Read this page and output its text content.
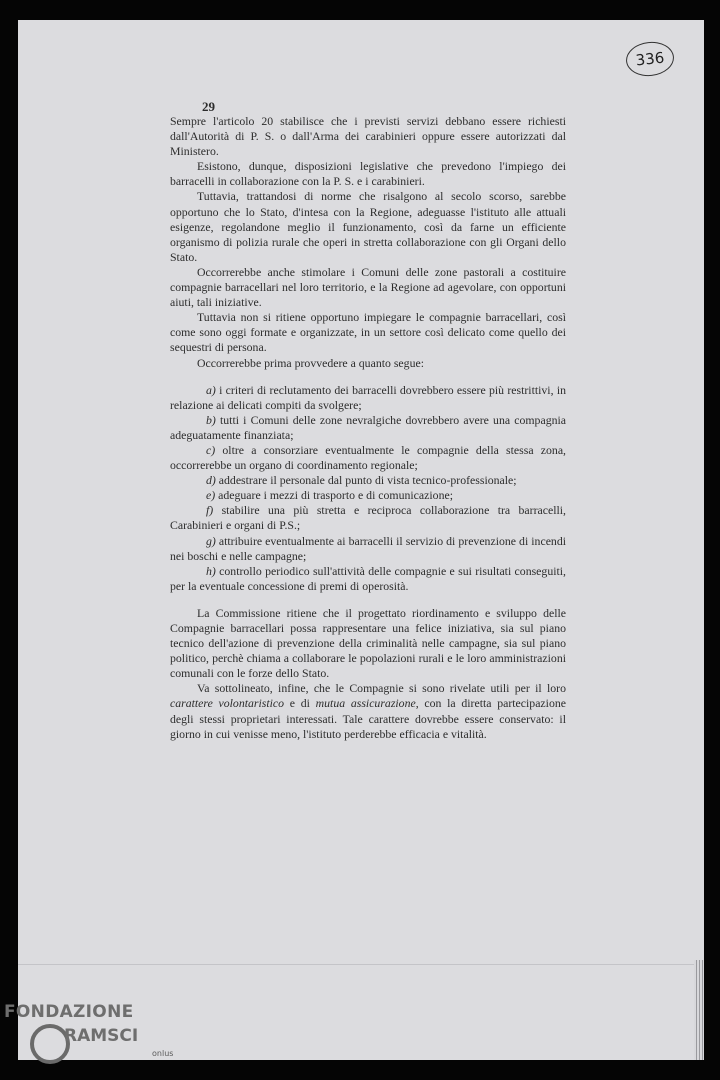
336
29

Sempre l'articolo 20 stabilisce che i previsti servizi debbano essere richiesti dall'Autorità di P. S. o dall'Arma dei carabinieri oppure essere autorizzati dal Ministero.

Esistono, dunque, disposizioni legislative che prevedono l'impiego dei barracelli in collaborazione con la P. S. e i carabinieri.

Tuttavia, trattandosi di norme che risalgono al secolo scorso, sarebbe opportuno che lo Stato, d'intesa con la Regione, adeguasse l'istituto alle attuali esigenze, regolandone meglio il funzionamento, così da farne un efficiente organismo di polizia rurale che operi in stretta collaborazione con gli Organi dello Stato.

Occorrerebbe anche stimolare i Comuni delle zone pastorali a costituire compagnie barracellari nel loro territorio, e la Regione ad agevolare, con opportuni aiuti, tali iniziative.

Tuttavia non si ritiene opportuno impiegare le compagnie barracellari, così come sono oggi formate e organizzate, in un settore così delicato come quello dei sequestri di persona.

Occorrerebbe prima provvedere a quanto segue:

a) i criteri di reclutamento dei barracelli dovrebbero essere più restrittivi, in relazione ai delicati compiti da svolgere;

b) tutti i Comuni delle zone nevralgiche dovrebbero avere una compagnia adeguatamente finanziata;

c) oltre a consorziare eventualmente le compagnie della stessa zona, occorrerebbe un organo di coordinamento regionale;

d) addestrare il personale dal punto di vista tecnico-professionale;

e) adeguare i mezzi di trasporto e di comunicazione;

f) stabilire una più stretta e reciproca collaborazione tra barracelli, Carabinieri e organi di P.S.;

g) attribuire eventualmente ai barracelli il servizio di prevenzione di incendi nei boschi e nelle campagne;

h) controllo periodico sull'attività delle compagnie e sui risultati conseguiti, per la eventuale concessione di premi di operosità.

La Commissione ritiene che il progettato riordinamento e sviluppo delle Compagnie barracellari possa rappresentare una felice iniziativa, sia sul piano tecnico dell'azione di prevenzione della criminalità nelle campagne, sia sul piano politico, perchè chiama a collaborare le popolazioni rurali e le loro amministrazioni comunali con le forze dello Stato.

Va sottolineato, infine, che le Compagnie si sono rivelate utili per il loro carattere volontaristico e di mutua assicurazione, con la diretta partecipazione degli stessi proprietari interessati. Tale carattere dovrebbe essere conservato: il giorno in cui venisse meno, l'istituto perderebbe efficacia e vitalità.

FONDAZIONE
RAMSCI
onlus
